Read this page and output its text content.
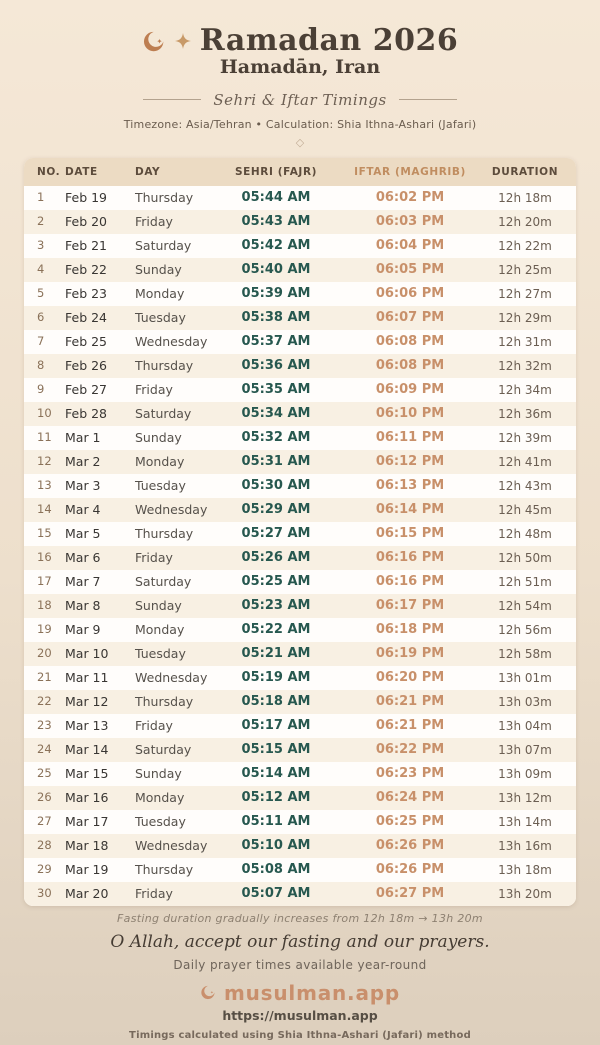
Ramadan 2026
Hamadān, Iran
Sehri & Iftar Timings
Timezone: Asia/Tehran • Calculation: Shia Ithna-Ashari (Jafari)
◇
NO.	DATE	DAY	SEHRI (FAJR)	IFTAR (MAGHRIB)	DURATION
1	Feb 19	Thursday	05:44 AM	06:02 PM	12h 18m
2	Feb 20	Friday	05:43 AM	06:03 PM	12h 20m
3	Feb 21	Saturday	05:42 AM	06:04 PM	12h 22m
4	Feb 22	Sunday	05:40 AM	06:05 PM	12h 25m
5	Feb 23	Monday	05:39 AM	06:06 PM	12h 27m
6	Feb 24	Tuesday	05:38 AM	06:07 PM	12h 29m
7	Feb 25	Wednesday	05:37 AM	06:08 PM	12h 31m
8	Feb 26	Thursday	05:36 AM	06:08 PM	12h 32m
9	Feb 27	Friday	05:35 AM	06:09 PM	12h 34m
10	Feb 28	Saturday	05:34 AM	06:10 PM	12h 36m
11	Mar 1	Sunday	05:32 AM	06:11 PM	12h 39m
12	Mar 2	Monday	05:31 AM	06:12 PM	12h 41m
13	Mar 3	Tuesday	05:30 AM	06:13 PM	12h 43m
14	Mar 4	Wednesday	05:29 AM	06:14 PM	12h 45m
15	Mar 5	Thursday	05:27 AM	06:15 PM	12h 48m
16	Mar 6	Friday	05:26 AM	06:16 PM	12h 50m
17	Mar 7	Saturday	05:25 AM	06:16 PM	12h 51m
18	Mar 8	Sunday	05:23 AM	06:17 PM	12h 54m
19	Mar 9	Monday	05:22 AM	06:18 PM	12h 56m
20	Mar 10	Tuesday	05:21 AM	06:19 PM	12h 58m
21	Mar 11	Wednesday	05:19 AM	06:20 PM	13h 01m
22	Mar 12	Thursday	05:18 AM	06:21 PM	13h 03m
23	Mar 13	Friday	05:17 AM	06:21 PM	13h 04m
24	Mar 14	Saturday	05:15 AM	06:22 PM	13h 07m
25	Mar 15	Sunday	05:14 AM	06:23 PM	13h 09m
26	Mar 16	Monday	05:12 AM	06:24 PM	13h 12m
27	Mar 17	Tuesday	05:11 AM	06:25 PM	13h 14m
28	Mar 18	Wednesday	05:10 AM	06:26 PM	13h 16m
29	Mar 19	Thursday	05:08 AM	06:26 PM	13h 18m
30	Mar 20	Friday	05:07 AM	06:27 PM	13h 20m
Fasting duration gradually increases from 12h 18m → 13h 20m
O Allah, accept our fasting and our prayers.
Daily prayer times available year-round
musulman.app
https://musulman.app
Timings calculated using Shia Ithna-Ashari (Jafari) method
